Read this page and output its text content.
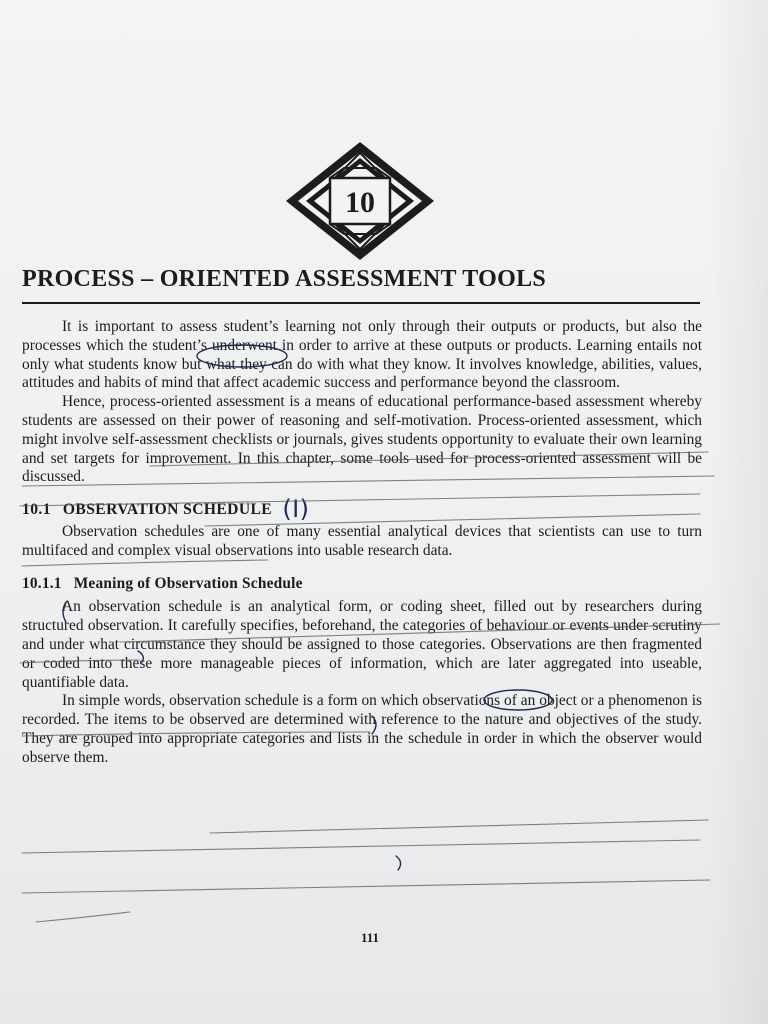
10
PROCESS – ORIENTED ASSESSMENT TOOLS

It is important to assess student’s learning not only through their outputs or products, but also the processes which the student’s underwent in order to arrive at these outputs or products. Learning entails not only what students know but what they can do with what they know. It involves knowledge, abilities, values, attitudes and habits of mind that affect academic success and performance beyond the classroom.

Hence, process-oriented assessment is a means of educational performance-based assessment whereby students are assessed on their power of reasoning and self-motivation. Process-oriented assessment, which might involve self-assessment checklists or journals, gives students opportunity to evaluate their own learning and set targets for improvement. In this chapter, some tools used for process-oriented assessment will be discussed.

10.1 OBSERVATION SCHEDULE (I)

Observation schedules are one of many essential analytical devices that scientists can use to turn multifaced and complex visual observations into usable research data.

10.1.1 Meaning of Observation Schedule

An observation schedule is an analytical form, or coding sheet, filled out by researchers during structured observation. It carefully specifies, beforehand, the categories of behaviour or events under scrutiny and under what circumstance they should be assigned to those categories. Observations are then fragmented or coded into these more manageable pieces of information, which are later aggregated into useable, quantifiable data.

In simple words, observation schedule is a form on which observations of an object or a phenomenon is recorded. The items to be observed are determined with reference to the nature and objectives of the study. They are grouped into appropriate categories and lists in the schedule in order in which the observer would observe them.

111
